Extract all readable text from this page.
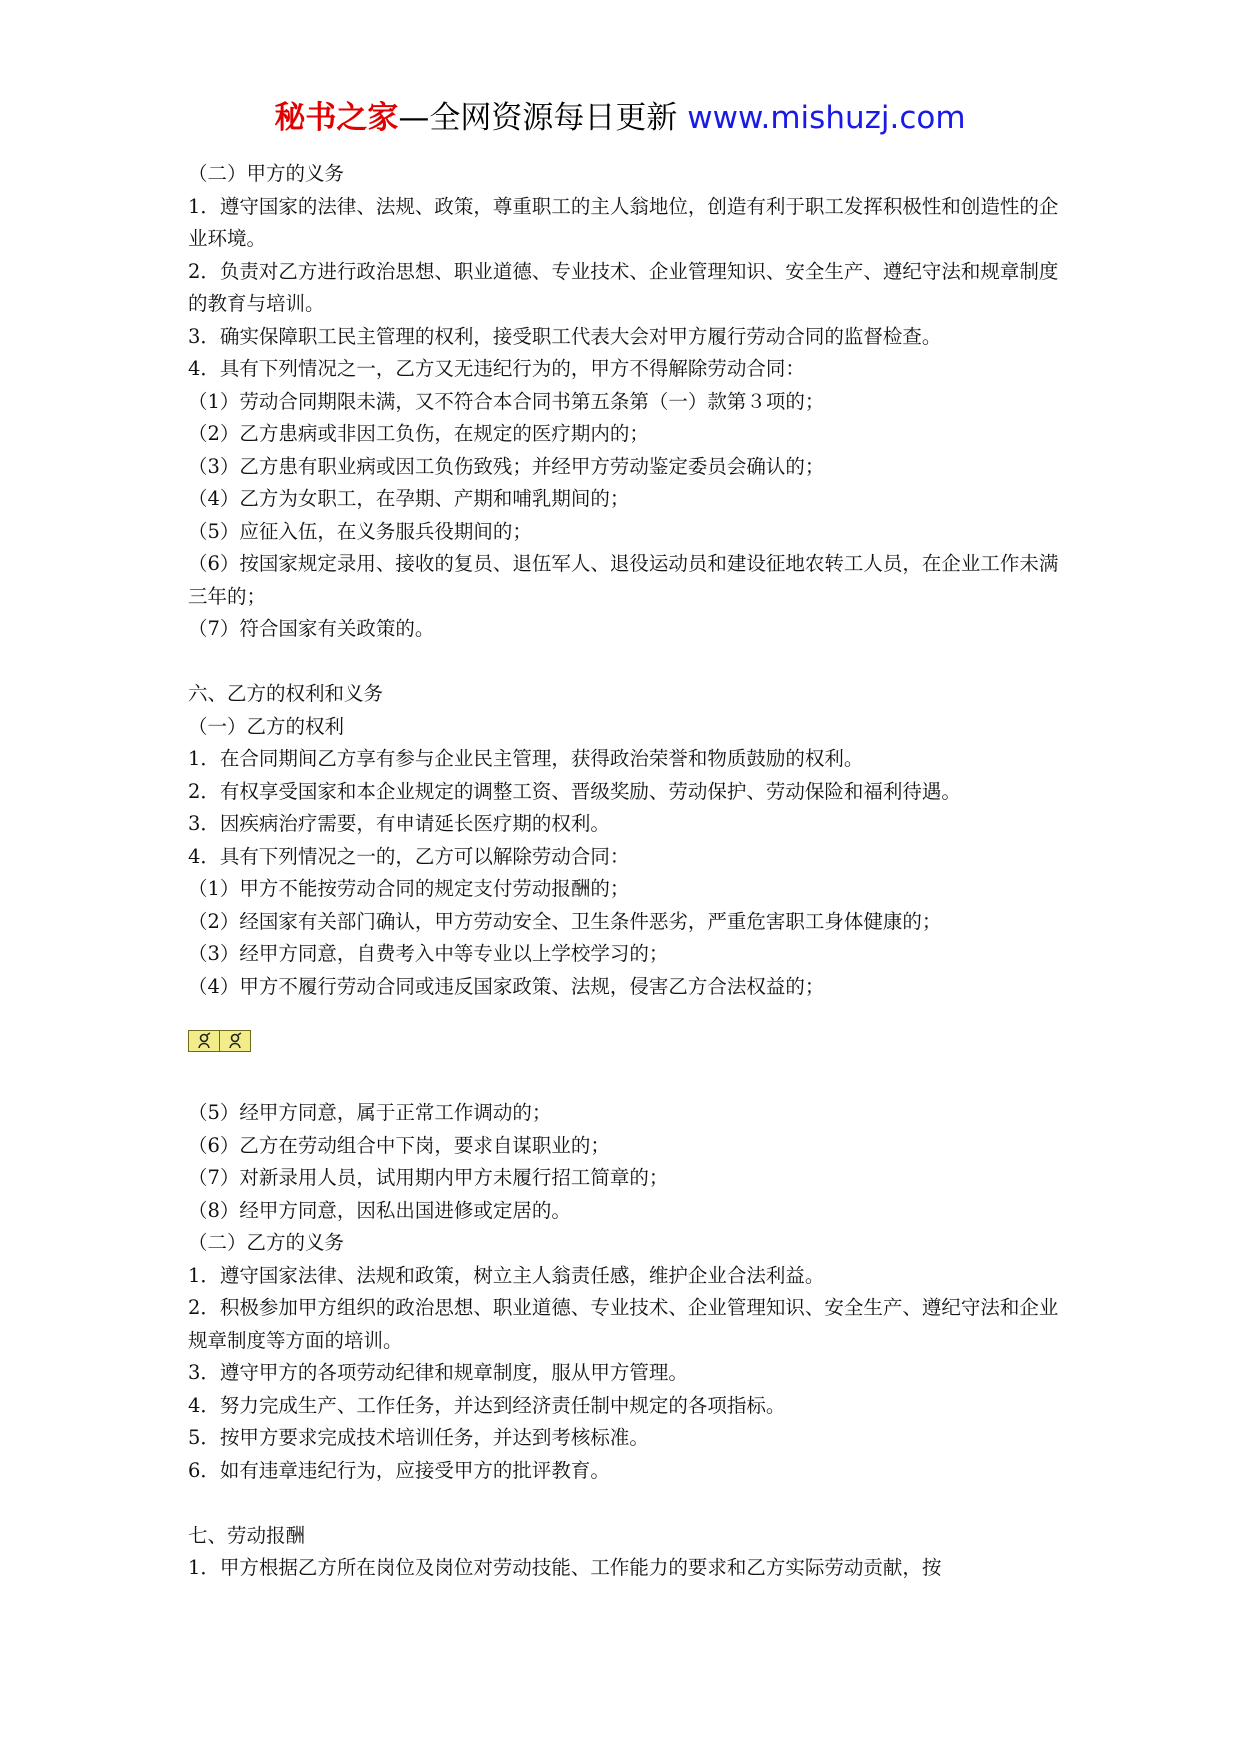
秘书之家—全网资源每日更新 www.mishuzj.com

（二）甲方的义务

1．遵守国家的法律、法规、政策，尊重职工的主人翁地位，创造有利于职工发挥积极性和创造性的企业环境。

2．负责对乙方进行政治思想、职业道德、专业技术、企业管理知识、安全生产、遵纪守法和规章制度的教育与培训。

3．确实保障职工民主管理的权利，接受职工代表大会对甲方履行劳动合同的监督检查。

4．具有下列情况之一，乙方又无违纪行为的，甲方不得解除劳动合同：

（1）劳动合同期限未满，又不符合本合同书第五条第（一）款第３项的；

（2）乙方患病或非因工负伤，在规定的医疗期内的；

（3）乙方患有职业病或因工负伤致残；并经甲方劳动鉴定委员会确认的；

（4）乙方为女职工，在孕期、产期和哺乳期间的；

（5）应征入伍，在义务服兵役期间的；

（6）按国家规定录用、接收的复员、退伍军人、退役运动员和建设征地农转工人员，在企业工作未满三年的；

（7）符合国家有关政策的。

六、乙方的权利和义务

（一）乙方的权利

1．在合同期间乙方享有参与企业民主管理，获得政治荣誉和物质鼓励的权利。

2．有权享受国家和本企业规定的调整工资、晋级奖励、劳动保护、劳动保险和福利待遇。

3．因疾病治疗需要，有申请延长医疗期的权利。

4．具有下列情况之一的，乙方可以解除劳动合同：

（1）甲方不能按劳动合同的规定支付劳动报酬的；

（2）经国家有关部门确认，甲方劳动安全、卫生条件恶劣，严重危害职工身体健康的；

（3）经甲方同意，自费考入中等专业以上学校学习的；

（4）甲方不履行劳动合同或违反国家政策、法规，侵害乙方合法权益的；

（5）经甲方同意，属于正常工作调动的；

（6）乙方在劳动组合中下岗，要求自谋职业的；

（7）对新录用人员，试用期内甲方未履行招工简章的；

（8）经甲方同意，因私出国进修或定居的。

（二）乙方的义务

1．遵守国家法律、法规和政策，树立主人翁责任感，维护企业合法利益。

2．积极参加甲方组织的政治思想、职业道德、专业技术、企业管理知识、安全生产、遵纪守法和企业规章制度等方面的培训。

3．遵守甲方的各项劳动纪律和规章制度，服从甲方管理。

4．努力完成生产、工作任务，并达到经济责任制中规定的各项指标。

5．按甲方要求完成技术培训任务，并达到考核标准。

6．如有违章违纪行为，应接受甲方的批评教育。

七、劳动报酬

1．甲方根据乙方所在岗位及岗位对劳动技能、工作能力的要求和乙方实际劳动贡献，按
